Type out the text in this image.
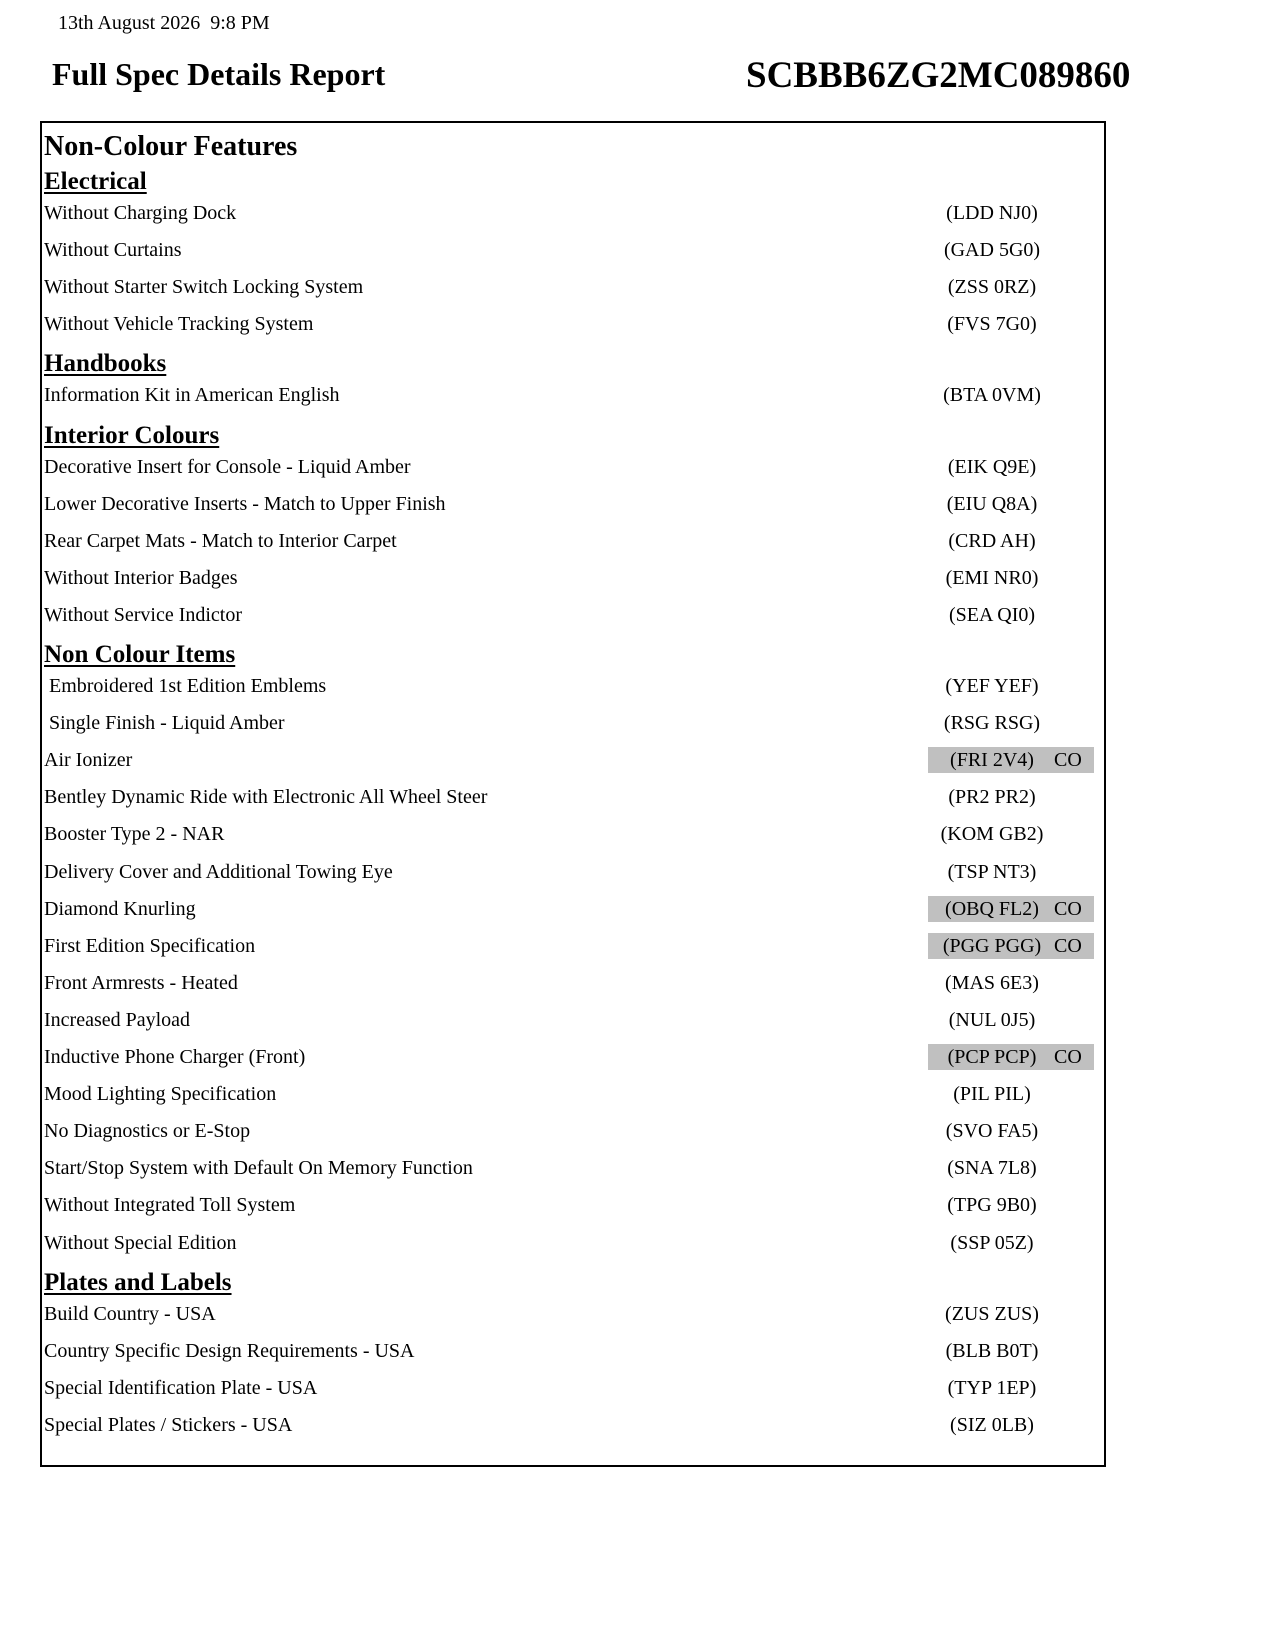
13th August 2026  9:8 PM
Full Spec Details Report	SCBBB6ZG2MC089860
Non-Colour Features
Electrical
Without Charging Dock	(LDD NJ0)
Without Curtains	(GAD 5G0)
Without Starter Switch Locking System	(ZSS 0RZ)
Without Vehicle Tracking System	(FVS 7G0)
Handbooks
Information Kit in American English	(BTA 0VM)
Interior Colours
Decorative Insert for Console - Liquid Amber	(EIK Q9E)
Lower Decorative Inserts - Match to Upper Finish	(EIU Q8A)
Rear Carpet Mats - Match to Interior Carpet	(CRD AH)
Without Interior Badges	(EMI NR0)
Without Service Indictor	(SEA QI0)
Non Colour Items
Embroidered 1st Edition Emblems	(YEF YEF)
Single Finish - Liquid Amber	(RSG RSG)
Air Ionizer	(FRI 2V4)	CO
Bentley Dynamic Ride with Electronic All Wheel Steer	(PR2 PR2)
Booster Type 2 - NAR	(KOM GB2)
Delivery Cover and Additional Towing Eye	(TSP NT3)
Diamond Knurling	(OBQ FL2) CO
First Edition Specification	(PGG PGG) CO
Front Armrests - Heated	(MAS 6E3)
Increased Payload	(NUL 0J5)
Inductive Phone Charger (Front)	(PCP PCP) CO
Mood Lighting Specification	(PIL PIL)
No Diagnostics or E-Stop	(SVO FA5)
Start/Stop System with Default On Memory Function	(SNA 7L8)
Without Integrated Toll System	(TPG 9B0)
Without Special Edition	(SSP 05Z)
Plates and Labels
Build Country - USA	(ZUS ZUS)
Country Specific Design Requirements - USA	(BLB B0T)
Special Identification Plate - USA	(TYP 1EP)
Special Plates / Stickers - USA	(SIZ 0LB)
